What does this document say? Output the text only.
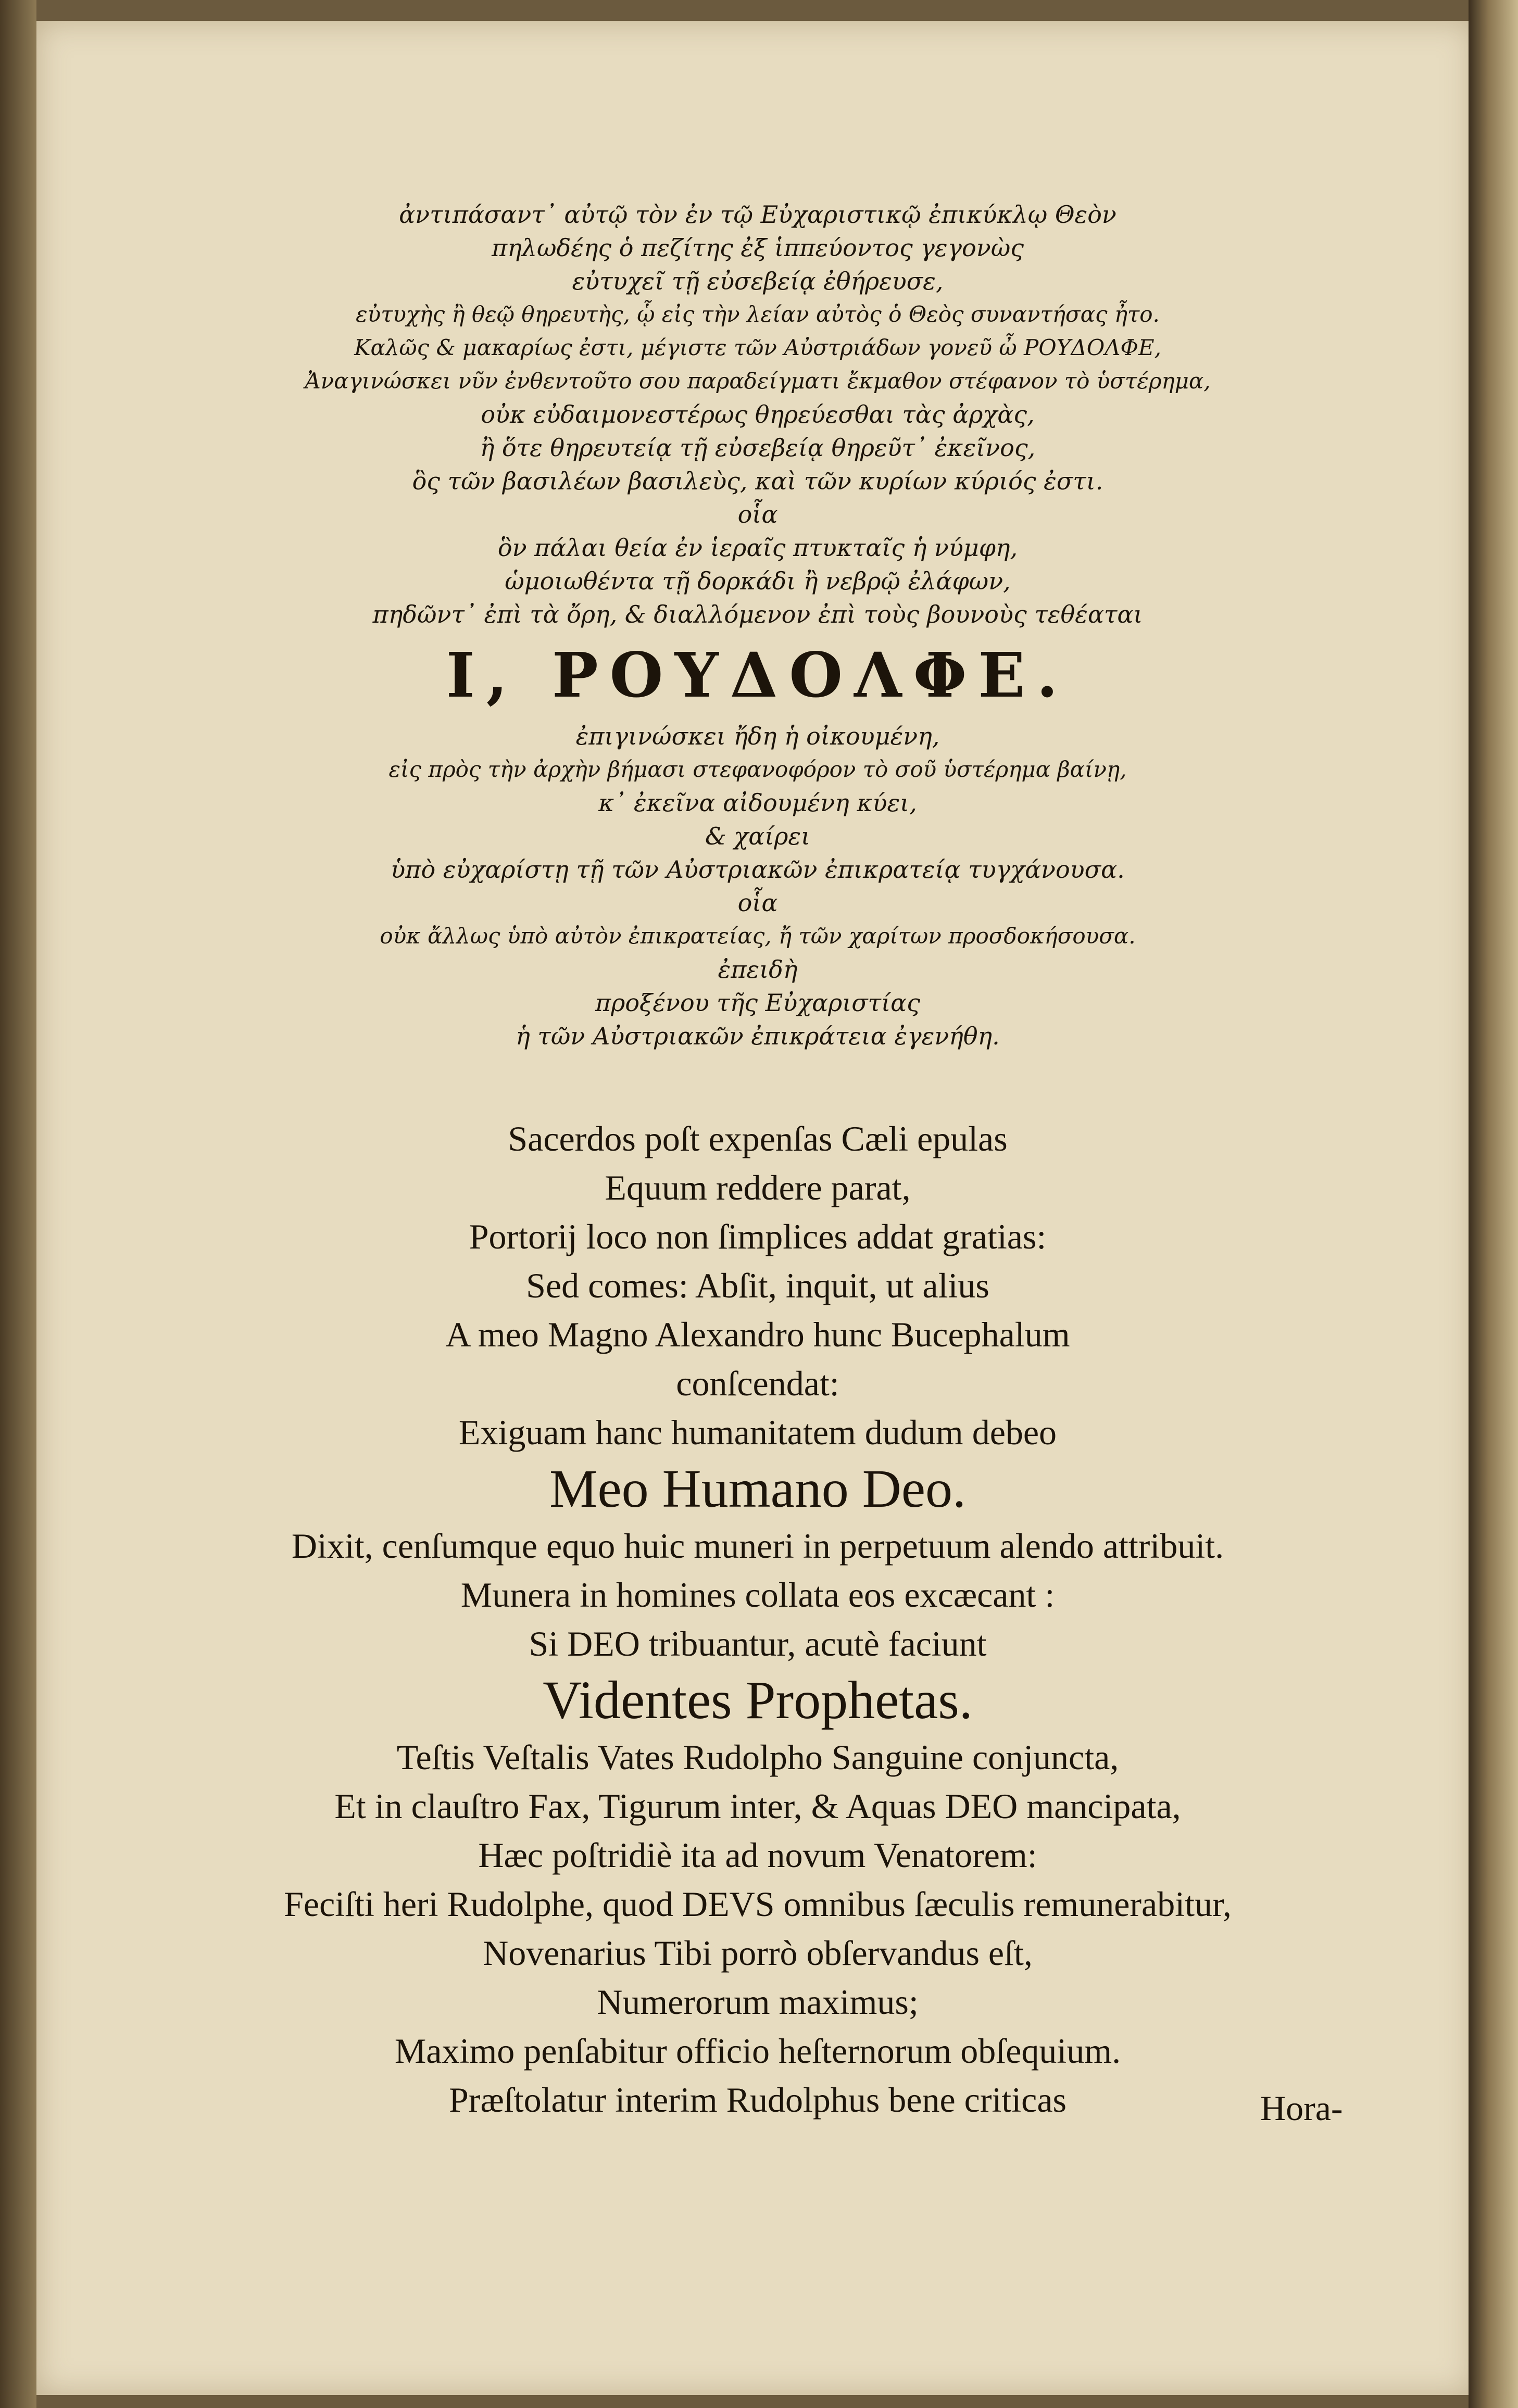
ἀντιπάσαντ᾽ αὐτῷ τὸν ἐν τῷ Εὐχαριστικῷ ἐπικύκλῳ Θεὸν
πηλωδέης ὁ πεζίτης ἐξ ἱππεύοντος γεγονὼς
εὐτυχεῖ τῇ εὐσεβείᾳ ἐθήρευσε,
εὐτυχὴς ἢ θεῷ θηρευτὴς, ᾧ εἰς τὴν λείαν αὐτὸς ὁ Θεὸς συναντήσας ἦτο.
Καλῶς & μακαρίως ἐστι, μέγιστε τῶν Αὐστριάδων γονεῦ ὦ ΡΟΥΔΟΛΦΕ,
Ἀναγινώσκει νῦν ἐνθεντοῦτο σου παραδείγματι ἔκμαθον στέφανον τὸ ὑστέρημα,
οὐκ εὐδαιμονεστέρως θηρεύεσθαι τὰς ἀρχὰς,
ἢ ὅτε θηρευτείᾳ τῇ εὐσεβείᾳ θηρεῦτ᾽ ἐκεῖνος,
ὃς τῶν βασιλέων βασιλεὺς, καὶ τῶν κυρίων κύριός ἐστι.
οἷα
ὃν πάλαι θεία ἐν ἱεραῖς πτυκταῖς ἡ νύμφη,
ὡμοιωθέντα τῇ δορκάδι ἢ νεβρῷ ἐλάφων,
πηδῶντ᾽ ἐπὶ τὰ ὄρη, & διαλλόμενον ἐπὶ τοὺς βουνοὺς τεθέαται
Ι, ΡΟΥΔΟΛΦΕ.
ἐπιγινώσκει ἤδη ἡ οἰκουμένη,
εἰς πρὸς τὴν ἀρχὴν βήμασι στεφανοφόρον τὸ σοῦ ὑστέρημα βαίνῃ,
κ᾽ ἐκεῖνα αἰδουμένη κύει,
& χαίρει
ὑπὸ εὐχαρίστῃ τῇ τῶν Αὐστριακῶν ἐπικρατείᾳ τυγχάνουσα.
οἷα
οὐκ ἄλλως ὑπὸ αὐτὸν ἐπικρατείας, ἤ τῶν χαρίτων προσδοκήσουσα.
ἐπειδὴ
προξένου τῆς Εὐχαριστίας
ἡ τῶν Αὐστριακῶν ἐπικράτεια ἐγενήθη.
Sacerdos poſt expenſas Cæli epulas
Equum reddere parat,
Portorij loco non ſimplices addat gratias:
Sed comes: Abſit, inquit, ut alius
A meo Magno Alexandro hunc Bucephalum
conſcendat:
Exiguam hanc humanitatem dudum debeo
Meo Humano Deo.
Dixit, cenſumque equo huic muneri in perpetuum alendo attribuit.
Munera in homines collata eos excæcant :
Si DEO tribuantur, acutè faciunt
Videntes Prophetas.
Teſtis Veſtalis Vates Rudolpho Sanguine conjuncta,
Et in clauſtro Fax, Tigurum inter, & Aquas DEO mancipata,
Hæc poſtridiè ita ad novum Venatorem:
Feciſti heri Rudolphe, quod DEVS omnibus ſæculis remunerabitur,
Novenarius Tibi porrò obſervandus eſt,
Numerorum maximus;
Maximo penſabitur officio heſternorum obſequium.
Præſtolatur interim Rudolphus bene criticas	Hora-
